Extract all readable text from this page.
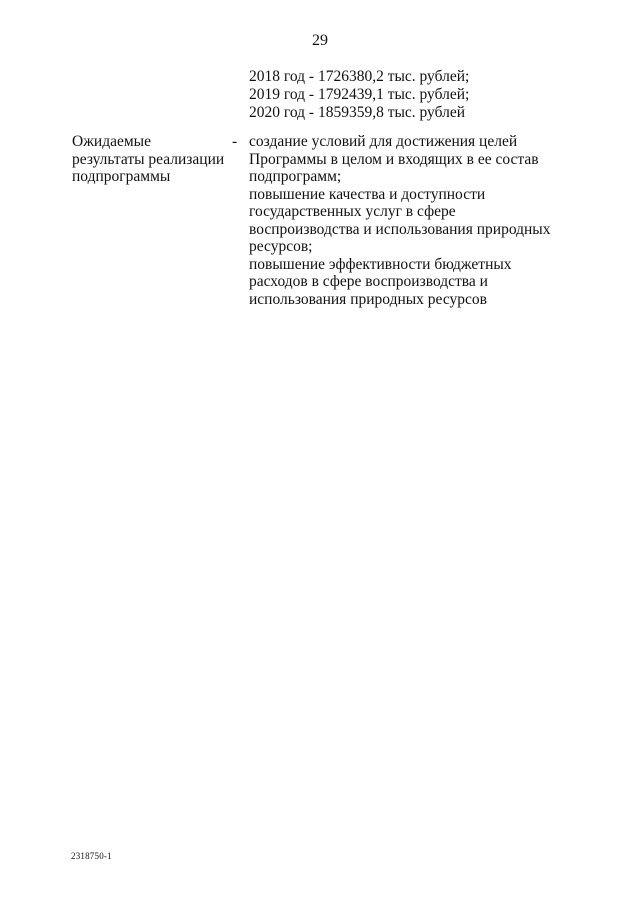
29
2018 год - 1726380,2 тыс. рублей;
2019 год - 1792439,1 тыс. рублей;
2020 год - 1859359,8 тыс. рублей
Ожидаемые
результаты реализации
подпрограммы
- создание условий для достижения целей
Программы в целом и входящих в ее состав
подпрограмм;
повышение качества и доступности
государственных услуг в сфере
воспроизводства и использования природных
ресурсов;
повышение эффективности бюджетных
расходов в сфере воспроизводства и
использования природных ресурсов
2318750-1
